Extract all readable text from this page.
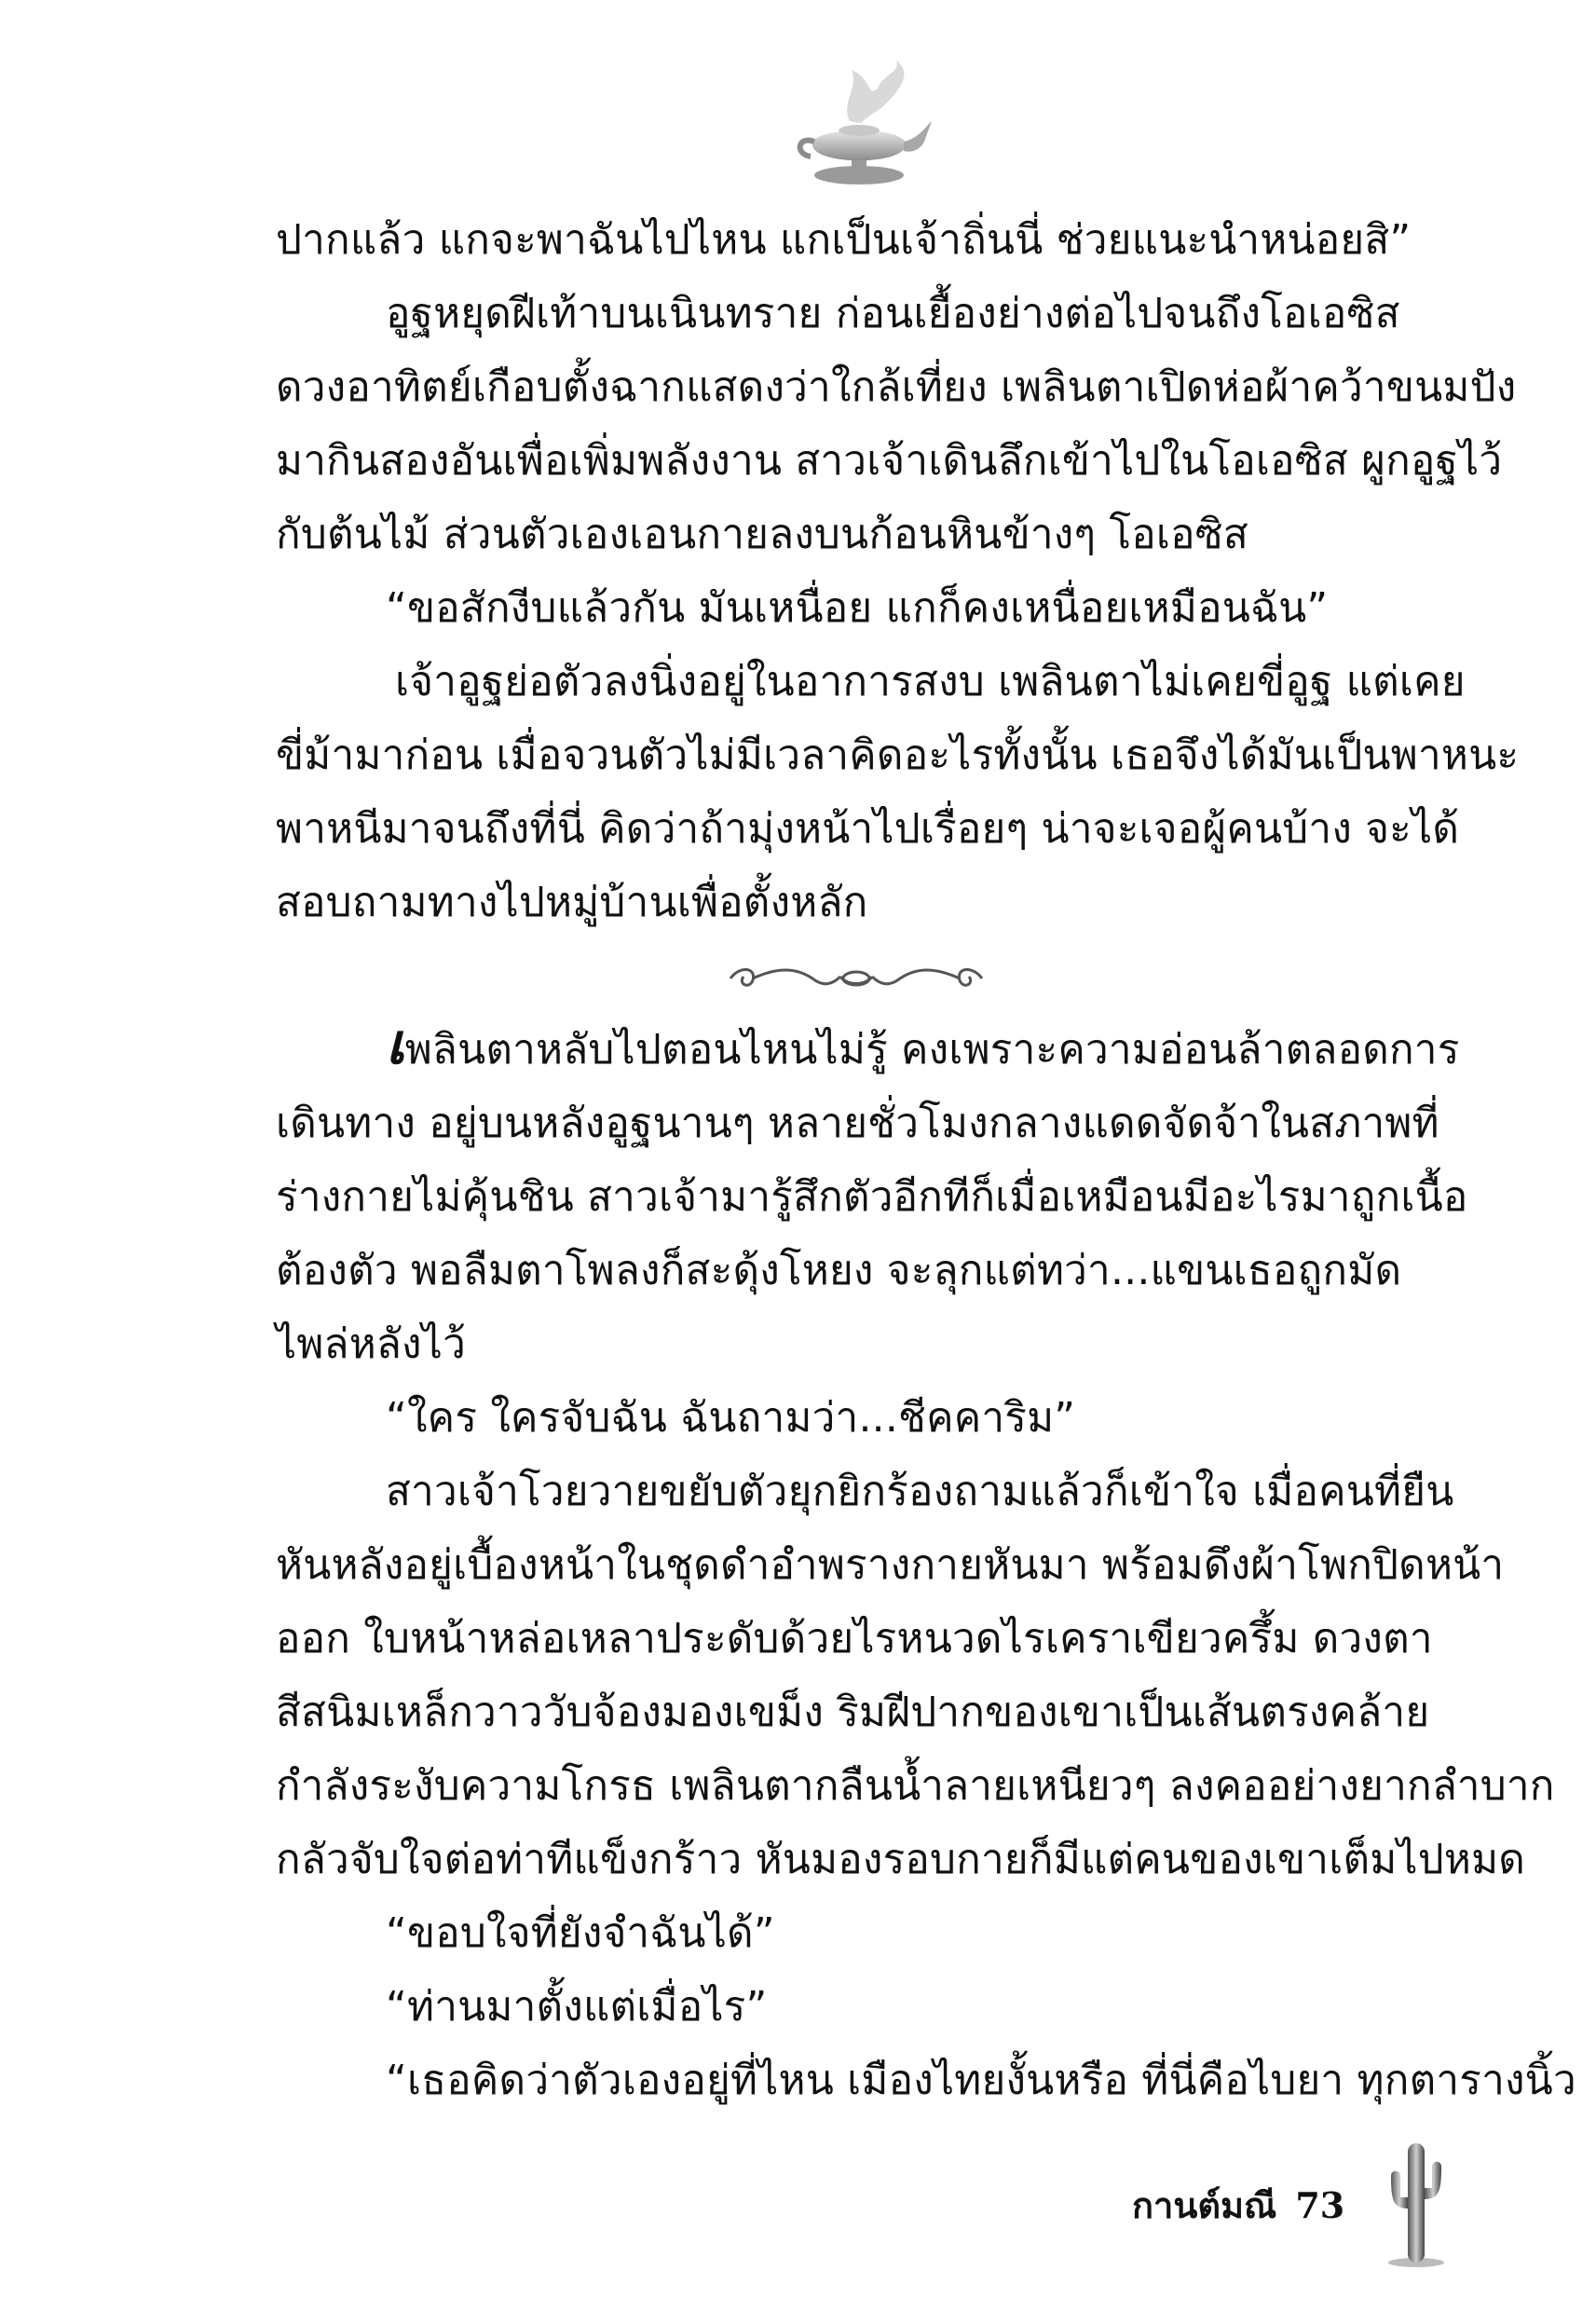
ปากแล้ว แกจะพาฉันไปไหน แกเป็นเจ้าถิ่นนี่ ช่วยแนะนำหน่อยสิ”
อูฐหยุดฝีเท้าบนเนินทราย ก่อนเยื้องย่างต่อไปจนถึงโอเอซิส
ดวงอาทิตย์เกือบตั้งฉากแสดงว่าใกล้เที่ยง เพลินตาเปิดห่อผ้าคว้าขนมปัง
มากินสองอันเพื่อเพิ่มพลังงาน สาวเจ้าเดินลึกเข้าไปในโอเอซิส ผูกอูฐไว้
กับต้นไม้ ส่วนตัวเองเอนกายลงบนก้อนหินข้างๆ โอเอซิส
“ขอสักงีบแล้วกัน มันเหนื่อย แกก็คงเหนื่อยเหมือนฉัน”
เจ้าอูฐย่อตัวลงนิ่งอยู่ในอาการสงบ เพลินตาไม่เคยขี่อูฐ แต่เคย
ขี่ม้ามาก่อน เมื่อจวนตัวไม่มีเวลาคิดอะไรทั้งนั้น เธอจึงได้มันเป็นพาหนะ
พาหนีมาจนถึงที่นี่ คิดว่าถ้ามุ่งหน้าไปเรื่อยๆ น่าจะเจอผู้คนบ้าง จะได้
สอบถามทางไปหมู่บ้านเพื่อตั้งหลัก
เพลินตาหลับไปตอนไหนไม่รู้ คงเพราะความอ่อนล้าตลอดการ
เดินทาง อยู่บนหลังอูฐนานๆ หลายชั่วโมงกลางแดดจัดจ้าในสภาพที่
ร่างกายไม่คุ้นชิน สาวเจ้ามารู้สึกตัวอีกทีก็เมื่อเหมือนมีอะไรมาถูกเนื้อ
ต้องตัว พอลืมตาโพลงก็สะดุ้งโหยง จะลุกแต่ทว่า...แขนเธอถูกมัด
ไพล่หลังไว้
“ใคร ใครจับฉัน ฉันถามว่า...ชีคคาริม”
สาวเจ้าโวยวายขยับตัวยุกยิกร้องถามแล้วก็เข้าใจ เมื่อคนที่ยืน
หันหลังอยู่เบื้องหน้าในชุดดำอำพรางกายหันมา พร้อมดึงผ้าโพกปิดหน้า
ออก ใบหน้าหล่อเหลาประดับด้วยไรหนวดไรเคราเขียวครึ้ม ดวงตา
สีสนิมเหล็กวาววับจ้องมองเขม็ง ริมฝีปากของเขาเป็นเส้นตรงคล้าย
กำลังระงับความโกรธ เพลินตากลืนน้ำลายเหนียวๆ ลงคออย่างยากลำบาก
กลัวจับใจต่อท่าทีแข็งกร้าว หันมองรอบกายก็มีแต่คนของเขาเต็มไปหมด
“ขอบใจที่ยังจำฉันได้”
“ท่านมาตั้งแต่เมื่อไร”
“เธอคิดว่าตัวเองอยู่ที่ไหน เมืองไทยงั้นหรือ ที่นี่คือไบยา ทุกตารางนิ้ว
กานต์มณี 73
